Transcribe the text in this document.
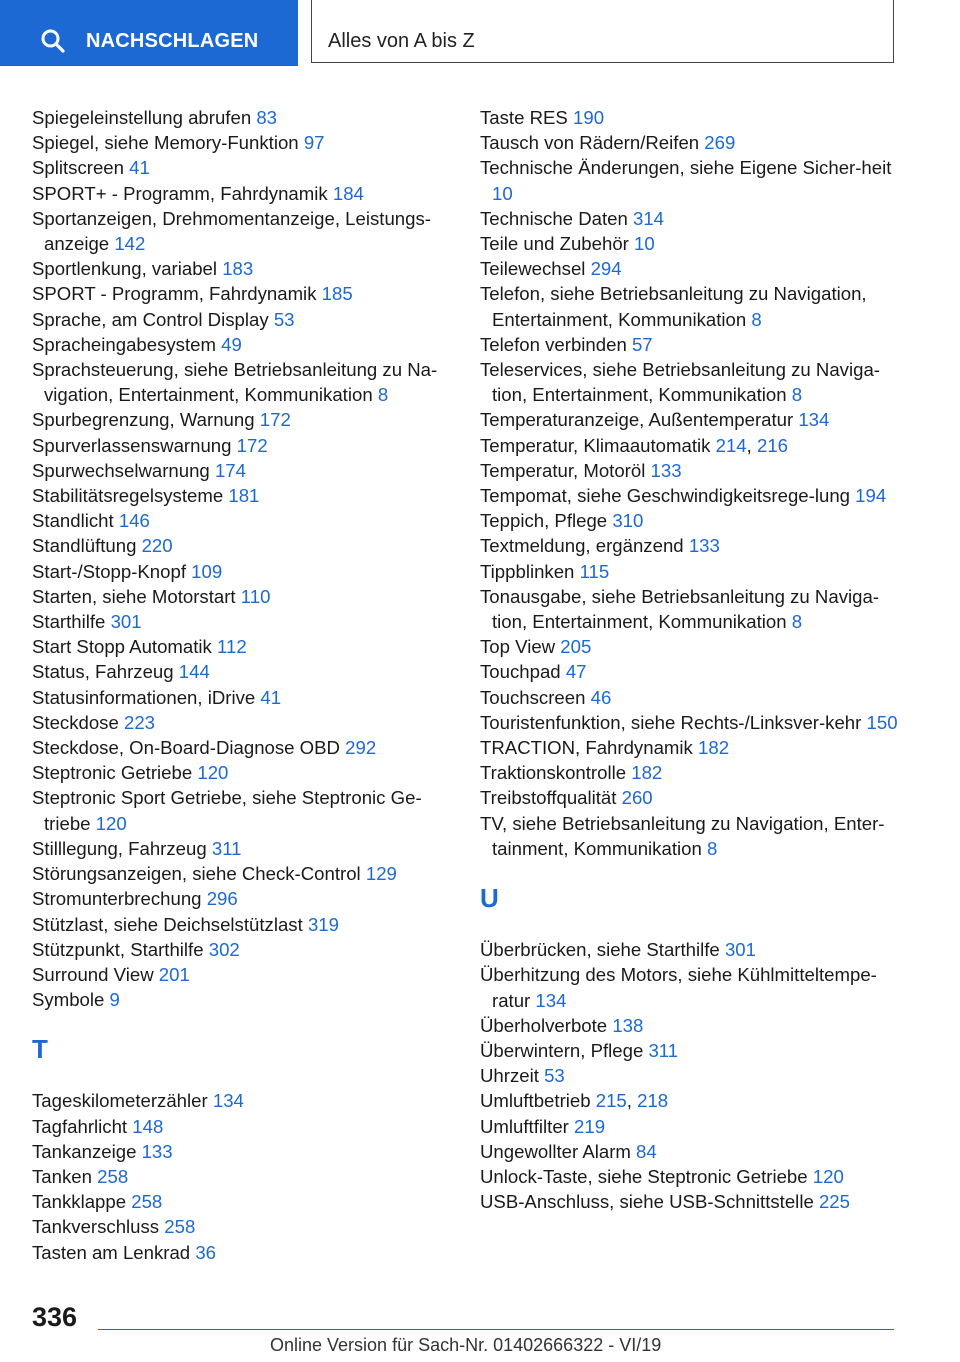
NACHSCHLAGEN	Alles von A bis Z
Spiegeleinstellung abrufen 83
Spiegel, siehe Memory-Funktion 97
Splitscreen 41
SPORT+ - Programm, Fahrdynamik 184
Sportanzeigen, Drehmomentanzeige, Leistungs-anzeige 142
Sportlenkung, variabel 183
SPORT - Programm, Fahrdynamik 185
Sprache, am Control Display 53
Spracheingabesystem 49
Sprachsteuerung, siehe Betriebsanleitung zu Na-vigation, Entertainment, Kommunikation 8
Spurbegrenzung, Warnung 172
Spurverlassenswarnung 172
Spurwechselwarnung 174
Stabilitätsregelsysteme 181
Standlicht 146
Standlüftung 220
Start-/Stopp-Knopf 109
Starten, siehe Motorstart 110
Starthilfe 301
Start Stopp Automatik 112
Status, Fahrzeug 144
Statusinformationen, iDrive 41
Steckdose 223
Steckdose, On-Board-Diagnose OBD 292
Steptronic Getriebe 120
Steptronic Sport Getriebe, siehe Steptronic Ge-triebe 120
Stilllegung, Fahrzeug 311
Störungsanzeigen, siehe Check-Control 129
Stromunterbrechung 296
Stützlast, siehe Deichselstützlast 319
Stützpunkt, Starthilfe 302
Surround View 201
Symbole 9
T
Tageskilometerzähler 134
Tagfahrlicht 148
Tankanzeige 133
Tanken 258
Tankklappe 258
Tankverschluss 258
Tasten am Lenkrad 36
Taste RES 190
Tausch von Rädern/Reifen 269
Technische Änderungen, siehe Eigene Sicher-heit 10
Technische Daten 314
Teile und Zubehör 10
Teilewechsel 294
Telefon, siehe Betriebsanleitung zu Navigation, Entertainment, Kommunikation 8
Telefon verbinden 57
Teleservices, siehe Betriebsanleitung zu Naviga-tion, Entertainment, Kommunikation 8
Temperaturanzeige, Außentemperatur 134
Temperatur, Klimaautomatik 214, 216
Temperatur, Motoröl 133
Tempomat, siehe Geschwindigkeitsrege-lung 194
Teppich, Pflege 310
Textmeldung, ergänzend 133
Tippblinken 115
Tonausgabe, siehe Betriebsanleitung zu Naviga-tion, Entertainment, Kommunikation 8
Top View 205
Touchpad 47
Touchscreen 46
Touristenfunktion, siehe Rechts-/Linksver-kehr 150
TRACTION, Fahrdynamik 182
Traktionskontrolle 182
Treibstoffqualität 260
TV, siehe Betriebsanleitung zu Navigation, Enter-tainment, Kommunikation 8
U
Überbrücken, siehe Starthilfe 301
Überhitzung des Motors, siehe Kühlmitteltempe-ratur 134
Überholverbote 138
Überwintern, Pflege 311
Uhrzeit 53
Umluftbetrieb 215, 218
Umluftfilter 219
Ungewollter Alarm 84
Unlock-Taste, siehe Steptronic Getriebe 120
USB-Anschluss, siehe USB-Schnittstelle 225
336
Online Version für Sach-Nr. 01402666322 - VI/19
